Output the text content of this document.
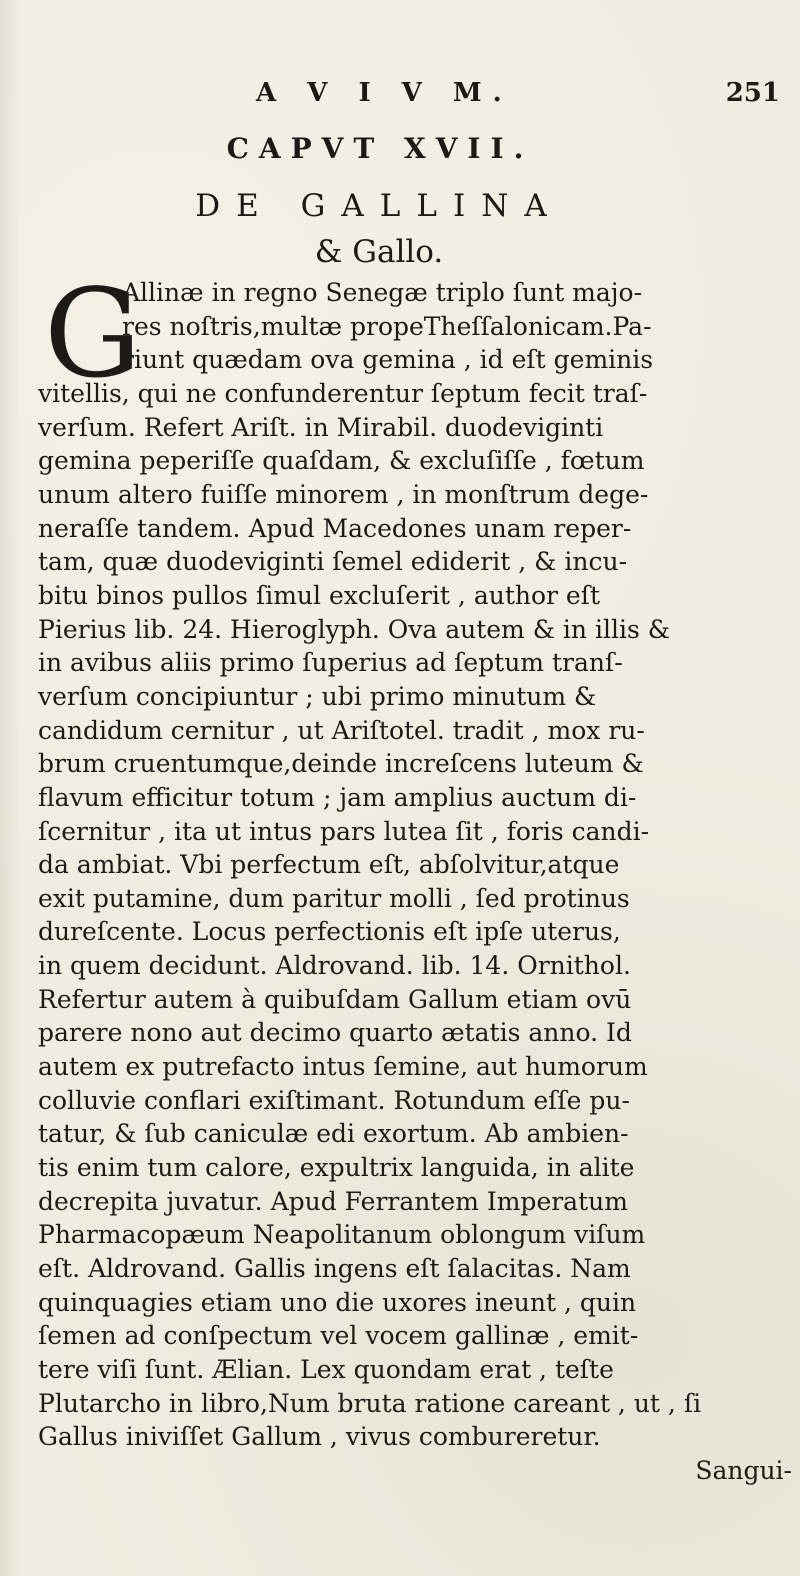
A V I V M.	251
CAPVT XVII.
DE GALLINA
& Gallo.
G
Allinæ in regno Senegæ triplo ſunt majo-
res noſtris,multæ propeTheſſalonicam.Pa-
riunt quædam ova gemina , id eſt geminis
vitellis, qui ne confunderentur ſeptum fecit traſ-
verſum. Refert Ariſt. in Mirabil. duodeviginti
gemina peperiſſe quaſdam, & excluſiſſe , fœtum
unum altero fuiſſe minorem , in monſtrum dege-
neraſſe tandem. Apud Macedones unam reper-
tam, quæ duodeviginti ſemel ediderit , & incu-
bitu binos pullos ſimul excluſerit , author eſt
Pierius lib. 24. Hieroglyph. Ova autem & in illis &
in avibus aliis primo ſuperius ad ſeptum tranſ-
verſum concipiuntur ; ubi primo minutum &
candidum cernitur , ut Ariſtotel. tradit , mox ru-
brum cruentumque,deinde increſcens luteum &
flavum efficitur totum ; jam amplius auctum di-
ſcernitur , ita ut intus pars lutea ſit , foris candi-
da ambiat. Vbi perfectum eſt, abſolvitur,atque
exit putamine, dum paritur molli , ſed protinus
dureſcente. Locus perfectionis eſt ipſe uterus,
in quem decidunt. Aldrovand. lib. 14. Ornithol.
Refertur autem à quibuſdam Gallum etiam ovū
parere nono aut decimo quarto ætatis anno. Id
autem ex putrefacto intus ſemine, aut humorum
colluvie conflari exiſtimant. Rotundum eſſe pu-
tatur, & ſub caniculæ edi exortum. Ab ambien-
tis enim tum calore, expultrix languida, in alite
decrepita juvatur. Apud Ferrantem Imperatum
Pharmacopæum Neapolitanum oblongum viſum
eſt. Aldrovand. Gallis ingens eſt ſalacitas. Nam
quinquagies etiam uno die uxores ineunt , quin
ſemen ad conſpectum vel vocem gallinæ , emit-
tere viſi ſunt. Ælian. Lex quondam erat , teſte
Plutarcho in libro,Num bruta ratione careant , ut , ſi
Gallus iniviſſet Gallum , vivus combureretur.
Sangui-
